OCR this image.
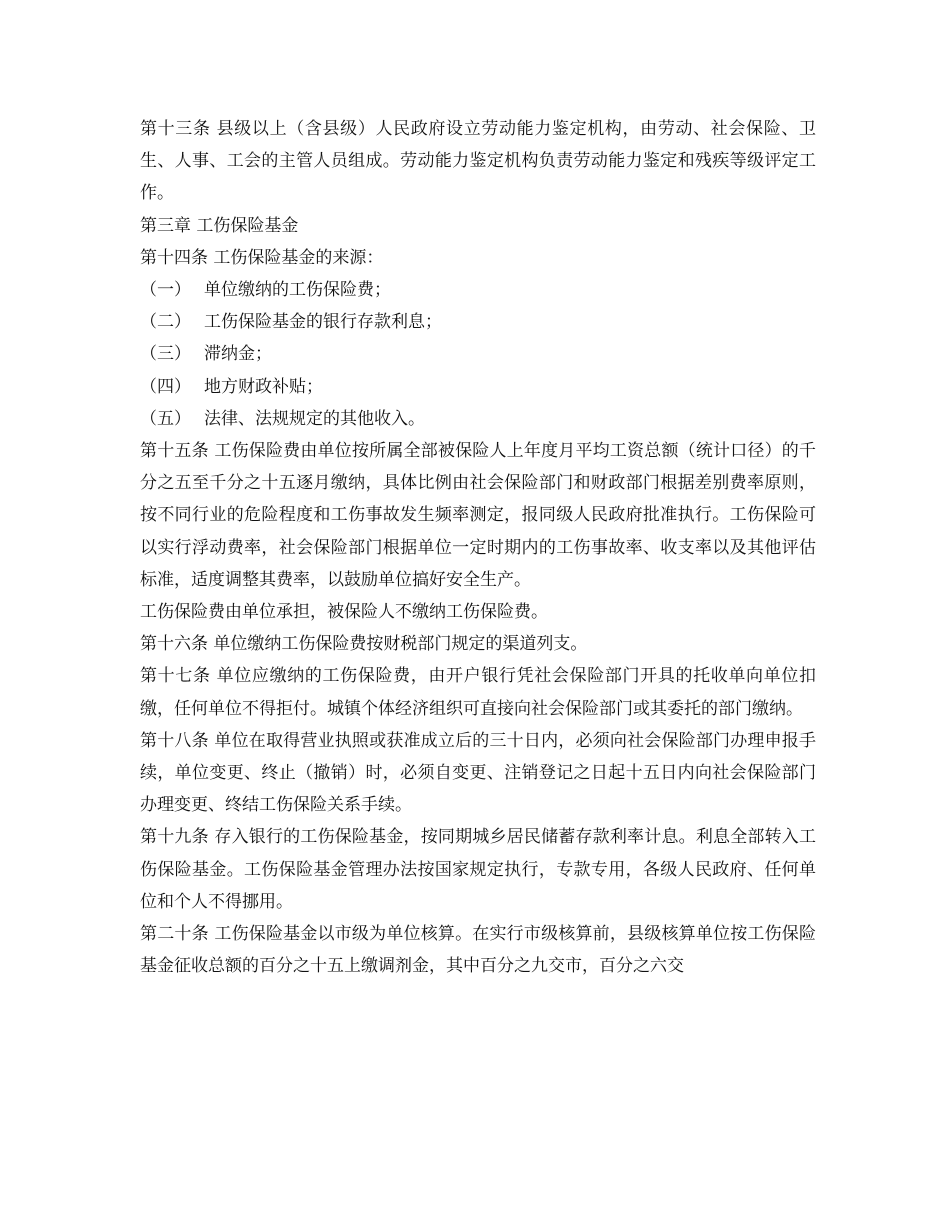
第十三条 县级以上（含县级）人民政府设立劳动能力鉴定机构，由劳动、社会保险、卫生、人事、工会的主管人员组成。劳动能力鉴定机构负责劳动能力鉴定和残疾等级评定工作。

第三章 工伤保险基金

第十四条 工伤保险基金的来源：

（一） 单位缴纳的工伤保险费；
（二） 工伤保险基金的银行存款利息；
（三） 滞纳金；
（四） 地方财政补贴；
（五） 法律、法规规定的其他收入。

第十五条 工伤保险费由单位按所属全部被保险人上年度月平均工资总额（统计口径）的千分之五至千分之十五逐月缴纳，具体比例由社会保险部门和财政部门根据差别费率原则，按不同行业的危险程度和工伤事故发生频率测定，报同级人民政府批准执行。工伤保险可以实行浮动费率，社会保险部门根据单位一定时期内的工伤事故率、收支率以及其他评估标准，适度调整其费率，以鼓励单位搞好安全生产。

工伤保险费由单位承担，被保险人不缴纳工伤保险费。

第十六条 单位缴纳工伤保险费按财税部门规定的渠道列支。

第十七条 单位应缴纳的工伤保险费，由开户银行凭社会保险部门开具的托收单向单位扣缴，任何单位不得拒付。城镇个体经济组织可直接向社会保险部门或其委托的部门缴纳。

第十八条 单位在取得营业执照或获准成立后的三十日内，必须向社会保险部门办理申报手续，单位变更、终止（撤销）时，必须自变更、注销登记之日起十五日内向社会保险部门办理变更、终结工伤保险关系手续。

第十九条 存入银行的工伤保险基金，按同期城乡居民储蓄存款利率计息。利息全部转入工伤保险基金。工伤保险基金管理办法按国家规定执行，专款专用，各级人民政府、任何单位和个人不得挪用。

第二十条 工伤保险基金以市级为单位核算。在实行市级核算前，县级核算单位按工伤保险基金征收总额的百分之十五上缴调剂金，其中百分之九交市，百分之六交
